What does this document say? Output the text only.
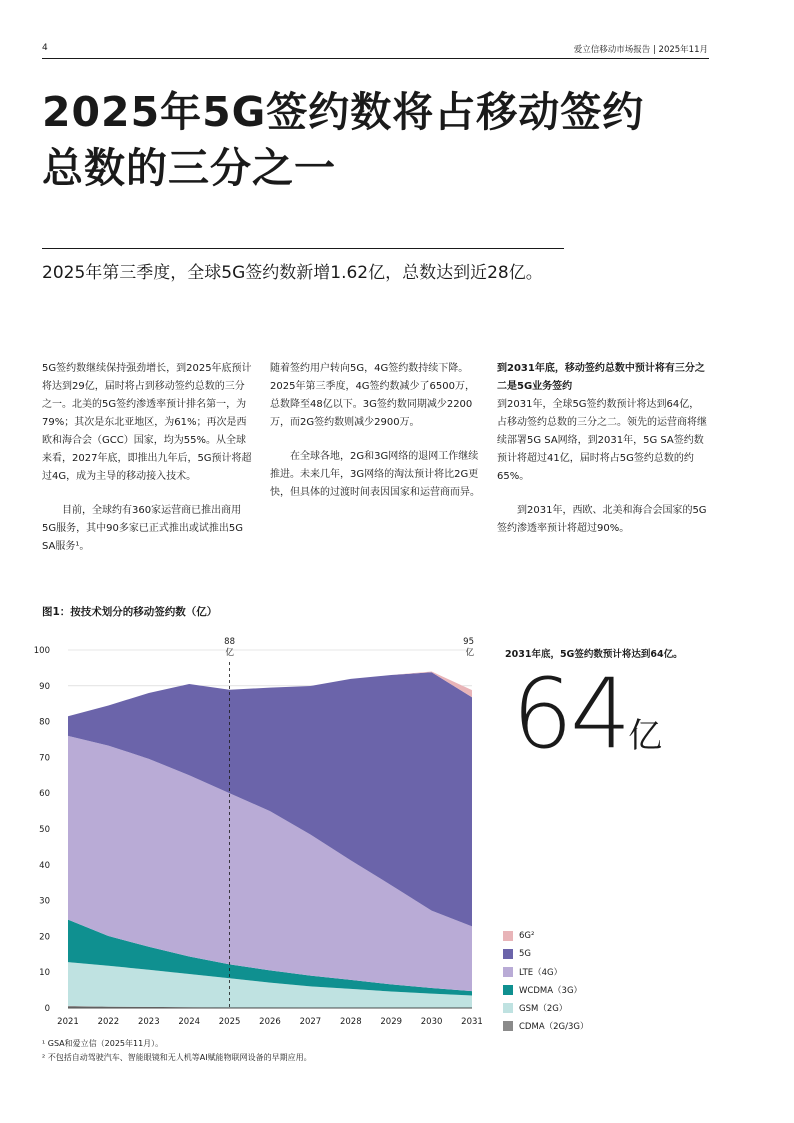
4	爱立信移动市场报告 | 2025年11月
2025年5G签约数将占移动签约
总数的三分之一
2025年第三季度，全球5G签约数新增1.62亿，总数达到近28亿。

5G签约数继续保持强劲增长，到2025年底预计将达到29亿，届时将占到移动签约总数的三分之一。北美的5G签约渗透率预计排名第一，为79%；其次是东北亚地区，为61%；再次是西欧和海合会（GCC）国家，均为55%。从全球来看，2027年底，即推出九年后，5G预计将超过4G，成为主导的移动接入技术。

目前，全球约有360家运营商已推出商用5G服务，其中90多家已正式推出或试推出5G SA服务¹。

随着签约用户转向5G，4G签约数持续下降。2025年第三季度，4G签约数减少了6500万，总数降至48亿以下。3G签约数同期减少2200万，而2G签约数则减少2900万。

在全球各地，2G和3G网络的退网工作继续推进。未来几年，3G网络的淘汰预计将比2G更快，但具体的过渡时间表因国家和运营商而异。

到2031年底，移动签约总数中预计将有三分之二是5G业务签约

到2031年，全球5G签约数预计将达到64亿，占移动签约总数的三分之二。领先的运营商将继续部署5G SA网络，到2031年，5G SA签约数预计将超过41亿，届时将占5G签约总数的约65%。

到2031年，西欧、北美和海合会国家的5G签约渗透率预计将超过90%。

图1：按技术划分的移动签约数（亿）
0
10
20
30
40
50
60
70
80
90
100
2021 2022 2023 2024 2025 2026 2027 2028 2029 2030 2031
88
亿
95
亿	2031年底，5G签约数预计将达到64亿。
64亿
6G²
5G
LTE（4G）
WCDMA（3G）
GSM（2G）
CDMA（2G/3G）
¹ GSA和爱立信（2025年11月）。
² 不包括自动驾驶汽车、智能眼镜和无人机等AI赋能物联网设备的早期应用。
